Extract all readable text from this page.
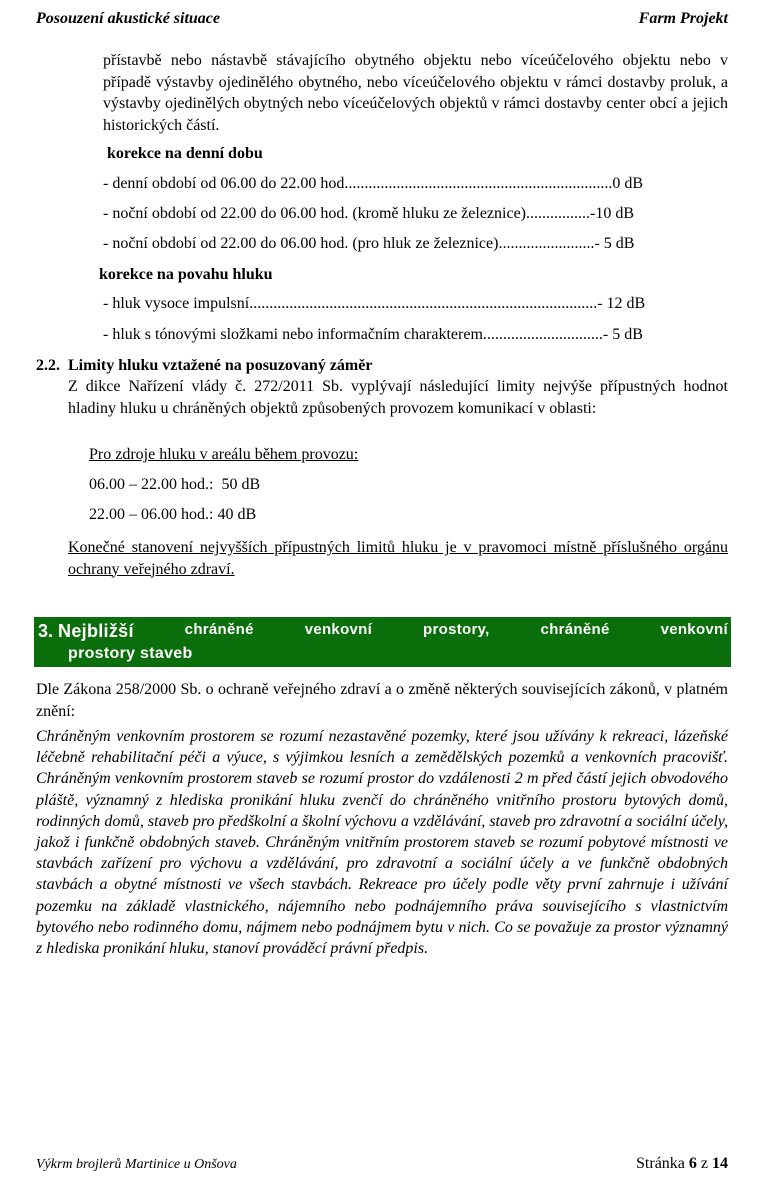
Posouzení akustické situace	Farm Projekt
přístavbě nebo nástavbě stávajícího obytného objektu nebo víceúčelového objektu nebo v případě výstavby ojedinělého obytného, nebo víceúčelového objektu v rámci dostavby proluk, a výstavby ojedinělých obytných nebo víceúčelových objektů v rámci dostavby center obcí a jejich historických částí.
korekce na denní dobu
- denní období od 06.00 do 22.00 hod...................................................................0 dB
- noční období od 22.00 do 06.00 hod. (kromě hluku ze železnice)................-10 dB
- noční období od 22.00 do 06.00 hod. (pro hluk ze železnice)........................- 5 dB
korekce na povahu hluku
- hluk vysoce impulsní.......................................................................................- 12 dB
- hluk s tónovými složkami nebo informačním charakterem..............................- 5 dB
2.2. Limity hluku vztažené na posuzovaný záměr
Z dikce Nařízení vlády č. 272/2011 Sb. vyplývají následující limity nejvýše přípustných hodnot hladiny hluku u chráněných objektů způsobených provozem komunikací v oblasti:
Pro zdroje hluku v areálu během provozu:
06.00 – 22.00 hod.:  50 dB
22.00 – 06.00 hod.: 40 dB
Konečné stanovení nejvyšších přípustných limitů hluku je v pravomoci místně příslušného orgánu ochrany veřejného zdraví.
3. Nejbližší	chráněné	venkovní	prostory,	chráněné	venkovní
prostory staveb
Dle Zákona 258/2000 Sb. o ochraně veřejného zdraví a o změně některých souvisejících zákonů, v platném znění:
Chráněným venkovním prostorem se rozumí nezastavěné pozemky, které jsou užívány k rekreaci, lázeňské léčebně rehabilitační péči a výuce, s výjimkou lesních a zemědělských pozemků a venkovních pracovišť. Chráněným venkovním prostorem staveb se rozumí prostor do vzdálenosti 2 m před částí jejich obvodového pláště, významný z hlediska pronikání hluku zvenčí do chráněného vnitřního prostoru bytových domů, rodinných domů, staveb pro předškolní a školní výchovu a vzdělávání, staveb pro zdravotní a sociální účely, jakož i funkčně obdobných staveb. Chráněným vnitřním prostorem staveb se rozumí pobytové místnosti ve stavbách zařízení pro výchovu a vzdělávání, pro zdravotní a sociální účely a ve funkčně obdobných stavbách a obytné místnosti ve všech stavbách. Rekreace pro účely podle věty první zahrnuje i užívání pozemku na základě vlastnického, nájemního nebo podnájemního práva souvisejícího s vlastnictvím bytového nebo rodinného domu, nájmem nebo podnájmem bytu v nich. Co se považuje za prostor významný z hlediska pronikání hluku, stanoví prováděcí právní předpis.
Výkrm brojlerů Martinice u Onšova	Stránka 6 z 14
